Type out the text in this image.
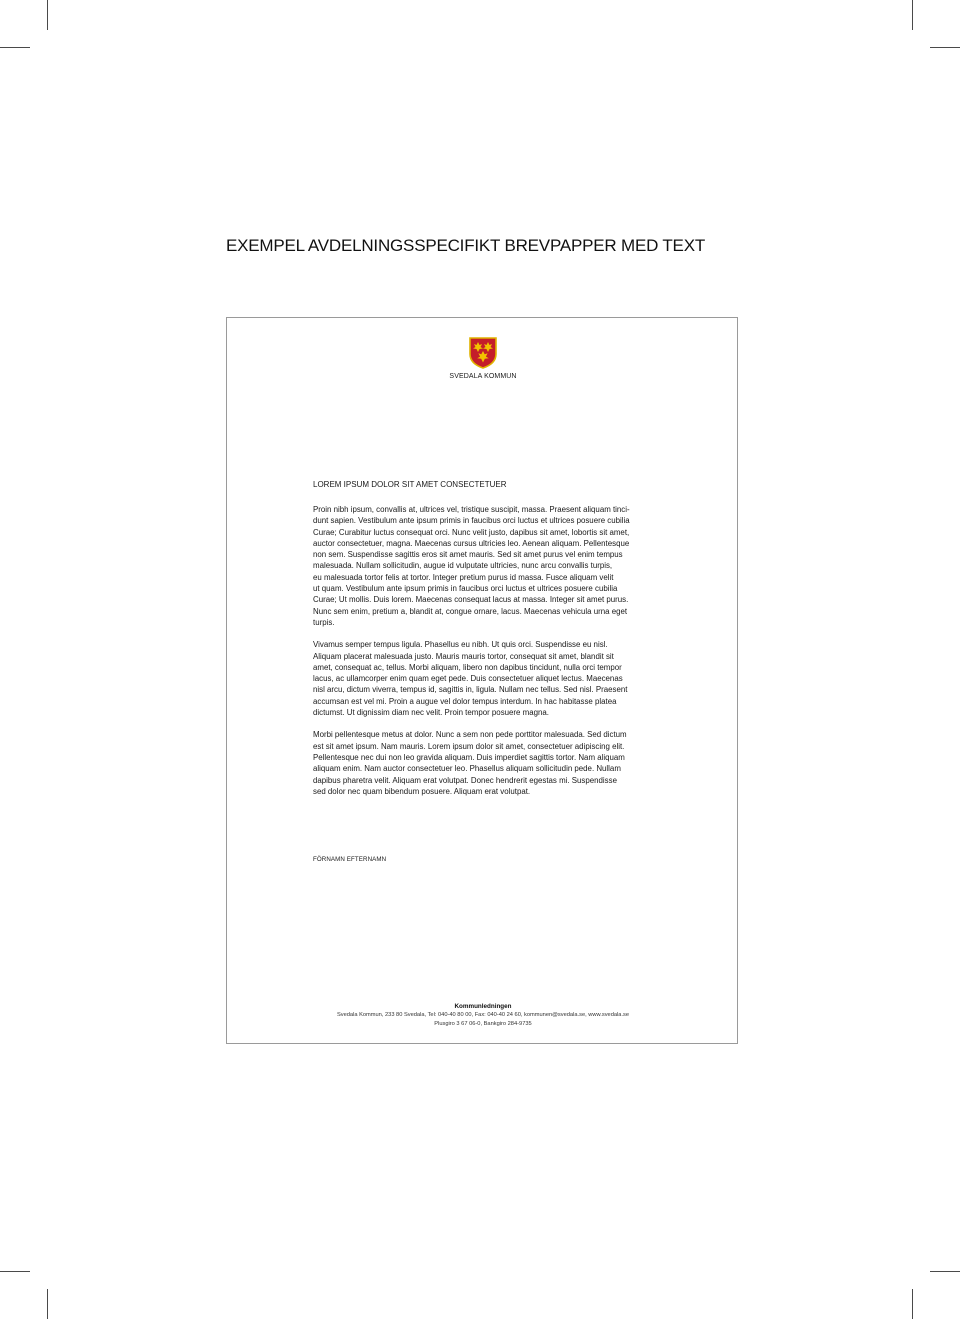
EXEMPEL AVDELNINGSSPECIFIKT BREVPAPPER MED TEXT
SVEDALA KOMMUN
LOREM IPSUM DOLOR SIT AMET CONSECTETUER

Proin nibh ipsum, convallis at, ultrices vel, tristique suscipit, massa. Praesent aliquam tinci-
dunt sapien. Vestibulum ante ipsum primis in faucibus orci luctus et ultrices posuere cubilia
Curae; Curabitur luctus consequat orci. Nunc velit justo, dapibus sit amet, lobortis sit amet,
auctor consectetuer, magna. Maecenas cursus ultricies leo. Aenean aliquam. Pellentesque
non sem. Suspendisse sagittis eros sit amet mauris. Sed sit amet purus vel enim tempus
malesuada. Nullam sollicitudin, augue id vulputate ultricies, nunc arcu convallis turpis,
eu malesuada tortor felis at tortor. Integer pretium purus id massa. Fusce aliquam velit
ut quam. Vestibulum ante ipsum primis in faucibus orci luctus et ultrices posuere cubilia
Curae; Ut mollis. Duis lorem. Maecenas consequat lacus at massa. Integer sit amet purus.
Nunc sem enim, pretium a, blandit at, congue ornare, lacus. Maecenas vehicula urna eget
turpis.

Vivamus semper tempus ligula. Phasellus eu nibh. Ut quis orci. Suspendisse eu nisl.
Aliquam placerat malesuada justo. Mauris mauris tortor, consequat sit amet, blandit sit
amet, consequat ac, tellus. Morbi aliquam, libero non dapibus tincidunt, nulla orci tempor
lacus, ac ullamcorper enim quam eget pede. Duis consectetuer aliquet lectus. Maecenas
nisl arcu, dictum viverra, tempus id, sagittis in, ligula. Nullam nec tellus. Sed nisl. Praesent
accumsan est vel mi. Proin a augue vel dolor tempus interdum. In hac habitasse platea
dictumst. Ut dignissim diam nec velit. Proin tempor posuere magna.

Morbi pellentesque metus at dolor. Nunc a sem non pede porttitor malesuada. Sed dictum
est sit amet ipsum. Nam mauris. Lorem ipsum dolor sit amet, consectetuer adipiscing elit.
Pellentesque nec dui non leo gravida aliquam. Duis imperdiet sagittis tortor. Nam aliquam
aliquam enim. Nam auctor consectetuer leo. Phasellus aliquam sollicitudin pede. Nullam
dapibus pharetra velit. Aliquam erat volutpat. Donec hendrerit egestas mi. Suspendisse
sed dolor nec quam bibendum posuere. Aliquam erat volutpat.

FÖRNAMN EFTERNAMN
Kommunledningen
Svedala Kommun, 233 80 Svedala, Tel: 040-40 80 00, Fax: 040-40 24 60, kommunen@svedala.se, www.svedala.se
Plusgiro 3 67 06-0, Bankgiro 284-9735
